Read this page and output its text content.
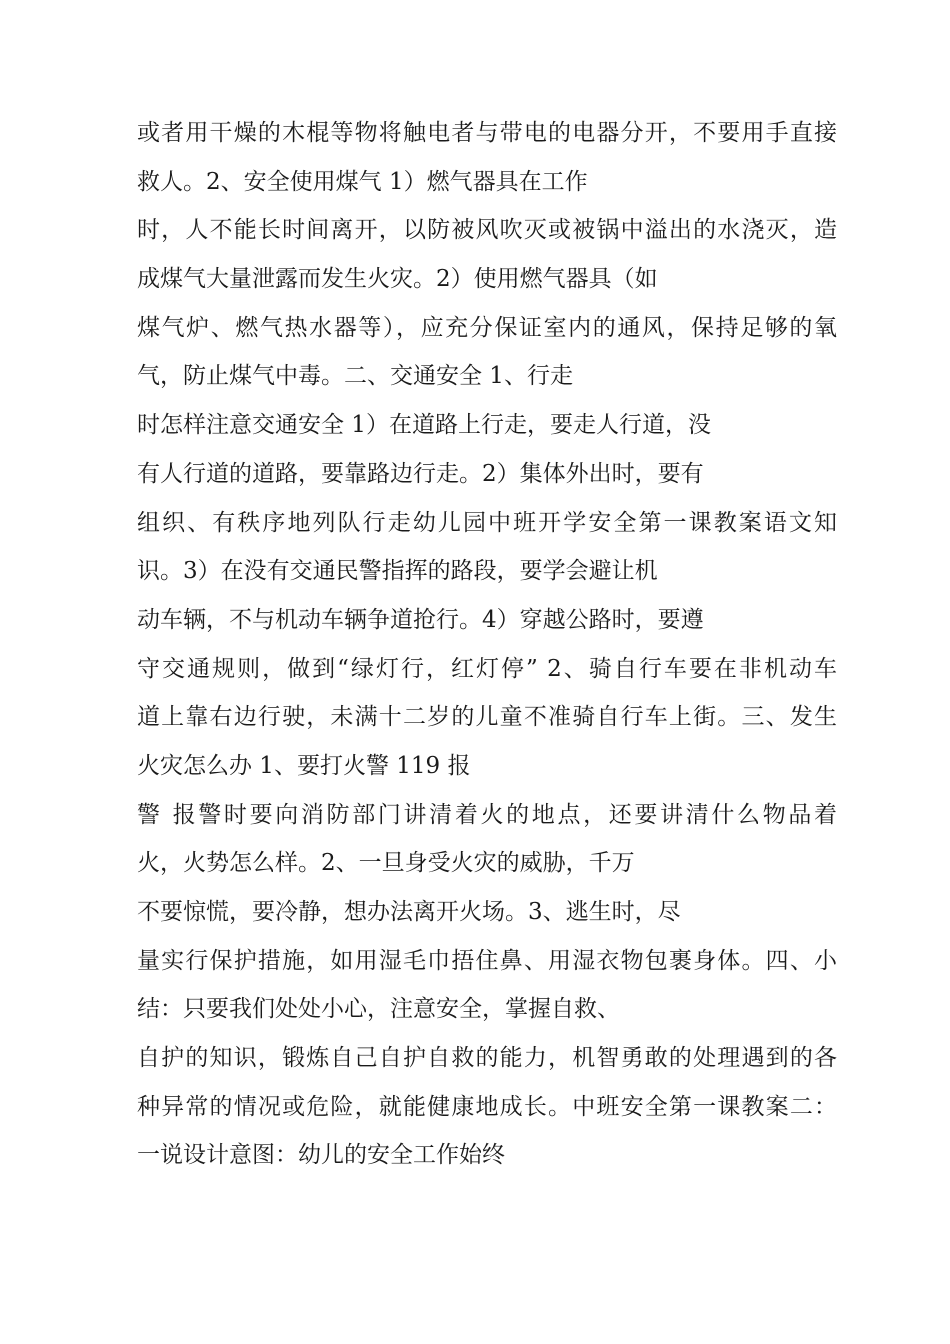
或者用干燥的木棍等物将触电者与带电的电器分开，不要用手直接
救人。2、安全使用煤气 1）燃气器具在工作
时，人不能长时间离开，以防被风吹灭或被锅中溢出的水浇灭，造
成煤气大量泄露而发生火灾。2）使用燃气器具（如
煤气炉、燃气热水器等），应充分保证室内的通风，保持足够的氧
气，防止煤气中毒。二、交通安全 1、行走
时怎样注意交通安全 1）在道路上行走，要走人行道，没
有人行道的道路，要靠路边行走。2）集体外出时，要有
组织、有秩序地列队行走幼儿园中班开学安全第一课教案语文知
识。3）在没有交通民警指挥的路段，要学会避让机
动车辆，不与机动车辆争道抢行。4）穿越公路时，要遵
守交通规则，做到“绿灯行，红灯停” 2、骑自行车要在非机动车
道上靠右边行驶，未满十二岁的儿童不准骑自行车上街。三、发生
火灾怎么办 1、要打火警 119 报
警 报警时要向消防部门讲清着火的地点，还要讲清什么物品着
火，火势怎么样。2、一旦身受火灾的威胁，千万
不要惊慌，要冷静，想办法离开火场。3、逃生时，尽
量实行保护措施，如用湿毛巾捂住鼻、用湿衣物包裹身体。四、小
结：只要我们处处小心，注意安全，掌握自救、
自护的知识，锻炼自己自护自救的能力，机智勇敢的处理遇到的各
种异常的情况或危险，就能健康地成长。中班安全第一课教案二：
一说设计意图：幼儿的安全工作始终
